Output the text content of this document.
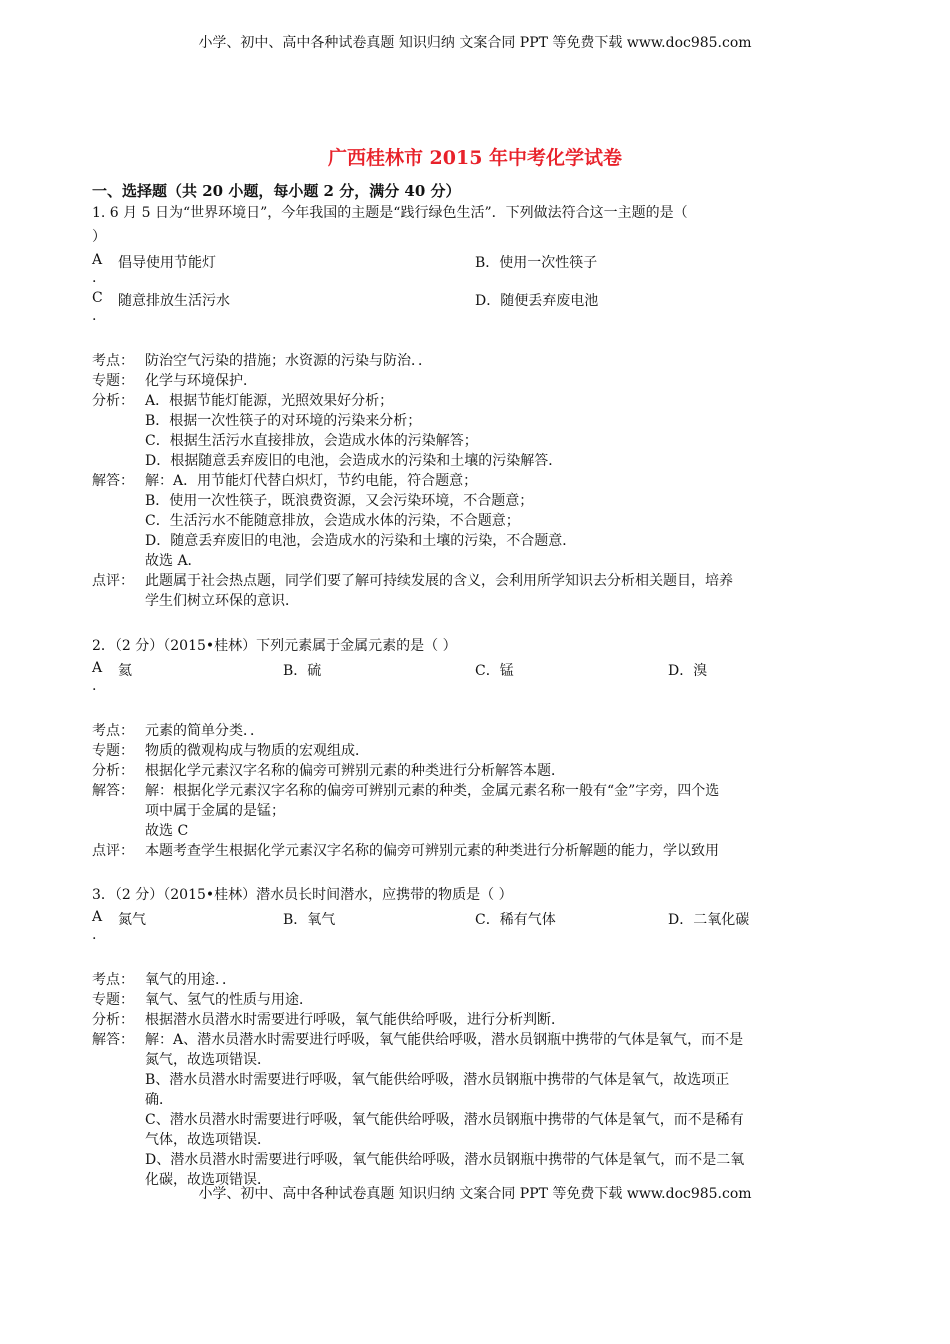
小学、初中、高中各种试卷真题 知识归纳 文案合同 PPT 等免费下载 www.doc985.com
广西桂林市 2015 年中考化学试卷
一、选择题（共 20 小题，每小题 2 分，满分 40 分）
1. 6 月 5 日为“世界环境日”，今年我国的主题是“践行绿色生活”．下列做法符合这一主题的是（
）
A 倡导使用节能灯	B．使用一次性筷子
.
C 随意排放生活污水	D．随便丢弃废电池
.
考点： 防治空气污染的措施；水资源的污染与防治．．
专题： 化学与环境保护．
分析： A．根据节能灯能源，光照效果好分析；
B．根据一次性筷子的对环境的污染来分析；
C．根据生活污水直接排放，会造成水体的污染解答；
D．根据随意丢弃废旧的电池，会造成水的污染和土壤的污染解答．
解答： 解：A．用节能灯代替白炽灯，节约电能，符合题意；
B．使用一次性筷子，既浪费资源，又会污染环境，不合题意；
C．生活污水不能随意排放，会造成水体的污染，不合题意；
D．随意丢弃废旧的电池，会造成水的污染和土壤的污染，不合题意．
故选 A．
点评： 此题属于社会热点题，同学们要了解可持续发展的含义，会利用所学知识去分析相关题目，培养
学生们树立环保的意识．
2．（2 分）（2015•桂林）下列元素属于金属元素的是（ ）
A 氦	B．硫	C．锰	D．溴
.
考点： 元素的简单分类．．
专题： 物质的微观构成与物质的宏观组成．
分析： 根据化学元素汉字名称的偏旁可辨别元素的种类进行分析解答本题．
解答： 解：根据化学元素汉字名称的偏旁可辨别元素的种类，金属元素名称一般有“金”字旁，四个选
项中属于金属的是锰；
故选 C
点评： 本题考查学生根据化学元素汉字名称的偏旁可辨别元素的种类进行分析解题的能力，学以致用
3．（2 分）（2015•桂林）潜水员长时间潜水，应携带的物质是（ ）
A 氮气	B．氧气	C．稀有气体	D．二氧化碳
.
考点： 氧气的用途．．
专题： 氧气、氢气的性质与用途．
分析： 根据潜水员潜水时需要进行呼吸，氧气能供给呼吸，进行分析判断．
解答： 解：A、潜水员潜水时需要进行呼吸，氧气能供给呼吸，潜水员钢瓶中携带的气体是氧气，而不是
氮气，故选项错误．
B、潜水员潜水时需要进行呼吸，氧气能供给呼吸，潜水员钢瓶中携带的气体是氧气，故选项正
确．
C、潜水员潜水时需要进行呼吸，氧气能供给呼吸，潜水员钢瓶中携带的气体是氧气，而不是稀有
气体，故选项错误．
D、潜水员潜水时需要进行呼吸，氧气能供给呼吸，潜水员钢瓶中携带的气体是氧气，而不是二氧
化碳，故选项错误．
小学、初中、高中各种试卷真题 知识归纳 文案合同 PPT 等免费下载 www.doc985.com
